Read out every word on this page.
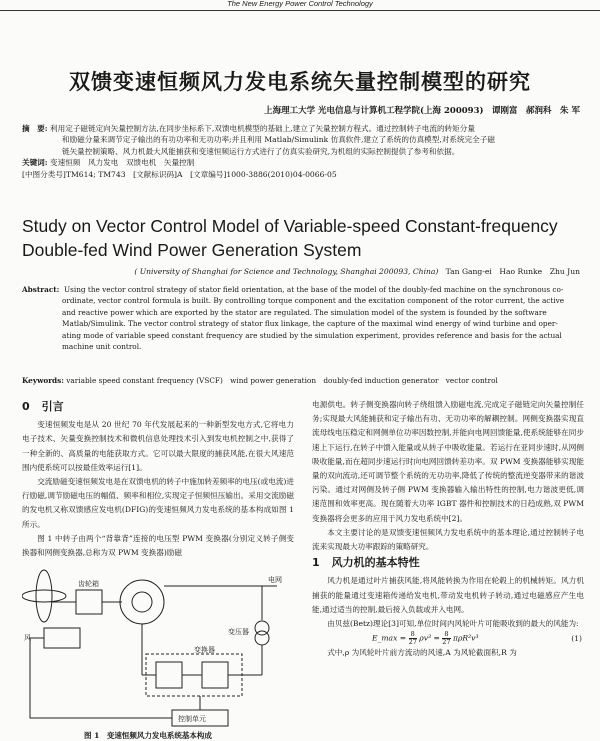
The New Energy Power Control Technology
双馈变速恒频风力发电系统矢量控制模型的研究
上海理工大学 光电信息与计算机工程学院(上海 200093)　谭刚富　郝润科　朱 军
摘　要: 利用定子磁链定向矢量控制方法,在同步坐标系下,双馈电机模型的基础上,建立了矢量控制方程式。通过控制转子电流的转矩分量
和励磁分量来调节定子输出的有功功率和无功功率;并且利用 Matlab/Simulink 仿真软件,建立了系统的仿真模型,对系统完全子磁
链矢量控制策略、风力机最大风能捕获和变速恒频运行方式进行了仿真实验研究,为机组的实际控制提供了参考和依据。
关键词: 变速恒频　风力发电　双馈电机　矢量控制
[中图分类号]TM614; TM743　[文献标识码]A　[文章编号]1000-3886(2010)04-0066-05
Study on Vector Control Model of Variable-speed Constant-frequency Double-fed Wind Power Generation System
( University of Shanghai for Science and Technology, Shanghai 200093, China) Tan Gang-ei　Hao Runke　Zhu Jun
Abstract: Using the vector control strategy of stator field orientation, at the base of the model of the doubly-fed machine on the synchronous co-
ordinate, vector control formula is built. By controlling torque component and the excitation component of the rotor current, the active
and reactive power which are exported by the stator are regulated. The simulation model of the system is founded by the software
Matlab/Simulink. The vector control strategy of stator flux linkage, the capture of the maximal wind energy of wind turbine and oper-
ating mode of variable speed constant frequency are studied by the simulation experiment, provides reference and basis for the actual
machine unit control.
Keywords: variable speed constant frequency (VSCF)　wind power generation　doubly-fed induction generator　vector control
0 引言

变速恒频发电是从 20 世纪 70 年代发展起来的一种新型发电方式,它将电力电子技术、矢量变换控制技术和微机信息处理技术引入到发电机控制之中,获得了一种全新的、高质量的电能获取方式。它可以最大限度的捕获风能,在很大风速范围内使系统可以按最佳效率运行[1]。

交流励磁变速恒频发电是在双馈电机的转子中施加转差频率的电压(或电流)进行励磁,调节励磁电压的幅值、频率和相位,实现定子恒频恒压输出。采用交流励磁的发电机又称双馈感应发电机(DFIG)的变速恒频风力发电系统的基本构成如图 1 所示。

图 1 中转子由两个“背靠背”连接的电压型 PWM 变换器(分别定义转子侧变换器和网侧变换器,总称为双 PWM 变换器)励磁

风
齿轮箱
变换器
电网
变压器
控制单元
图 1　变速恒频风力发电系统基本构成

电源供电。转子侧变换器向转子绕组馈入励磁电流,完成定子磁链定向矢量控制任务;实现最大风能捕获和定子输出有功、无功功率的解耦控制。网侧变换器实现直流母线电压稳定和网侧单位功率因数控制,并能向电网回馈能量,使系统能够在同步速上下运行,在转子中馈入能量或从转子中吸收能量。若运行在亚同步速时,从网侧吸收能量,而在超同步速运行时向电网回馈转差功率。双 PWM 变换器能够实现能量的双向流动,还可调节整个系统的无功功率,降低了传统的整流逆变器带来的谐波污染。通过对网侧及转子侧 PWM 变换器输入输出特性的控制,电力谐波更低,调速范围和效率更高。现在随着大功率 IGBT 器件和控制技术的日趋成熟,双 PWM 变换器将会更多的应用于风力发电系统中[2]。

本文主要讨论的是双馈变速恒频风力发电系统中的基本理论,通过控制转子电流来实现最大功率跟踪的策略研究。

1 风力机的基本特性

风力机是通过叶片捕获风能,将风能转换为作用在轮毂上的机械转矩。风力机捕获的能量通过变速箱传递给发电机,带动发电机转子转动,通过电磁感应产生电能,通过适当的控制,最后接入负载或并入电网。

由贝兹(Betz)理论[3]可知,单位时间内风轮叶片可能吸收到的最大的风能为:

E_max = $\frac{8}{27} \rho v^3 = \frac{8}{27} \pi\rho R^2v^3$	(1)

式中,ρ 为风轮叶片前方流动的风速,A 为风轮截面积,R 为
